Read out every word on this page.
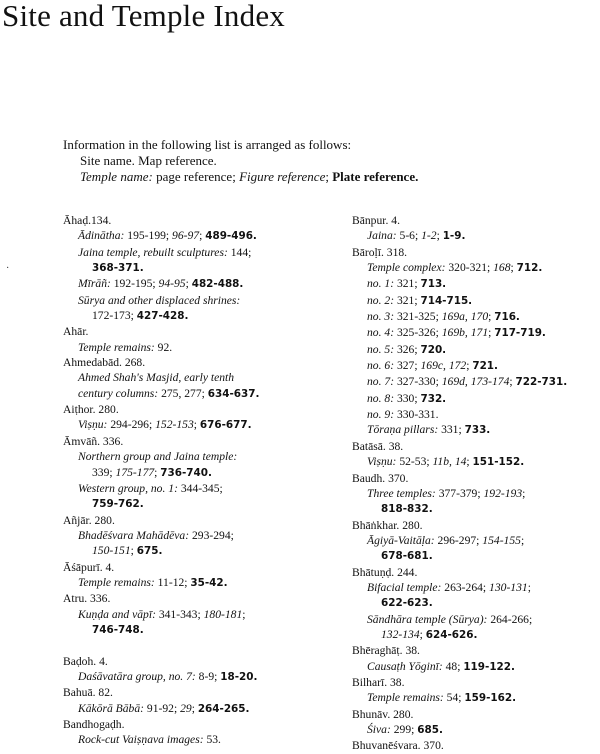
Site and Temple Index
Information in the following list is arranged as follows:
Site name. Map reference.
Temple name: page reference; Figure reference; Plate reference.
·
Āhaḍ.134.
Ādinātha: 195-199; 96-97; 489-496.
Jaina temple, rebuilt sculptures: 144;
368-371.
Mīrāñ: 192-195; 94-95; 482-488.
Sūrya and other displaced shrines:
172-173; 427-428.
Ahār.
Temple remains: 92.
Ahmedabād. 268.
Ahmed Shah's Masjid, early tenth
century columns: 275, 277; 634-637.
Aiṭhor. 280.
Viṣṇu: 294-296; 152-153; 676-677.
Āmvāñ. 336.
Northern group and Jaina temple:
339; 175-177; 736-740.
Western group, no. 1: 344-345;
759-762.
Añjār. 280.
Bhadēśvara Mahādēva: 293-294;
150-151; 675.
Āśāpurī. 4.
Temple remains: 11-12; 35-42.
Atru. 336.
Kuṇḍa and vāpī: 341-343; 180-181;
746-748.
Baḍoh. 4.
Daśāvatāra group, no. 7: 8-9; 18-20.
Bahuā. 82.
Kākōrā Bābā: 91-92; 29; 264-265.
Bandhogaḍh.
Rock-cut Vaiṣṇava images: 53.
Bānpur. 4.
Jaina: 5-6; 1-2; 1-9.
Bāroḷī. 318.
Temple complex: 320-321; 168; 712.
no. 1: 321; 713.
no. 2: 321; 714-715.
no. 3: 321-325; 169a, 170; 716.
no. 4: 325-326; 169b, 171; 717-719.
no. 5: 326; 720.
no. 6: 327; 169c, 172; 721.
no. 7: 327-330; 169d, 173-174; 722-731.
no. 8: 330; 732.
no. 9: 330-331.
Tōraṇa pillars: 331; 733.
Batāsā. 38.
Viṣṇu: 52-53; 11b, 14; 151-152.
Baudh. 370.
Three temples: 377-379; 192-193;
818-832.
Bhāṅkhar. 280.
Āgiyā-Vaitāḷa: 296-297; 154-155;
678-681.
Bhātuṇḍ. 244.
Bifacial temple: 263-264; 130-131;
622-623.
Sāndhāra temple (Sūrya): 264-266;
132-134; 624-626.
Bhēraghāṭ. 38.
Causaṭh Yōginī: 48; 119-122.
Bilharī. 38.
Temple remains: 54; 159-162.
Bhunāv. 280.
Śiva: 299; 685.
Bhuvanēśvara. 370.
